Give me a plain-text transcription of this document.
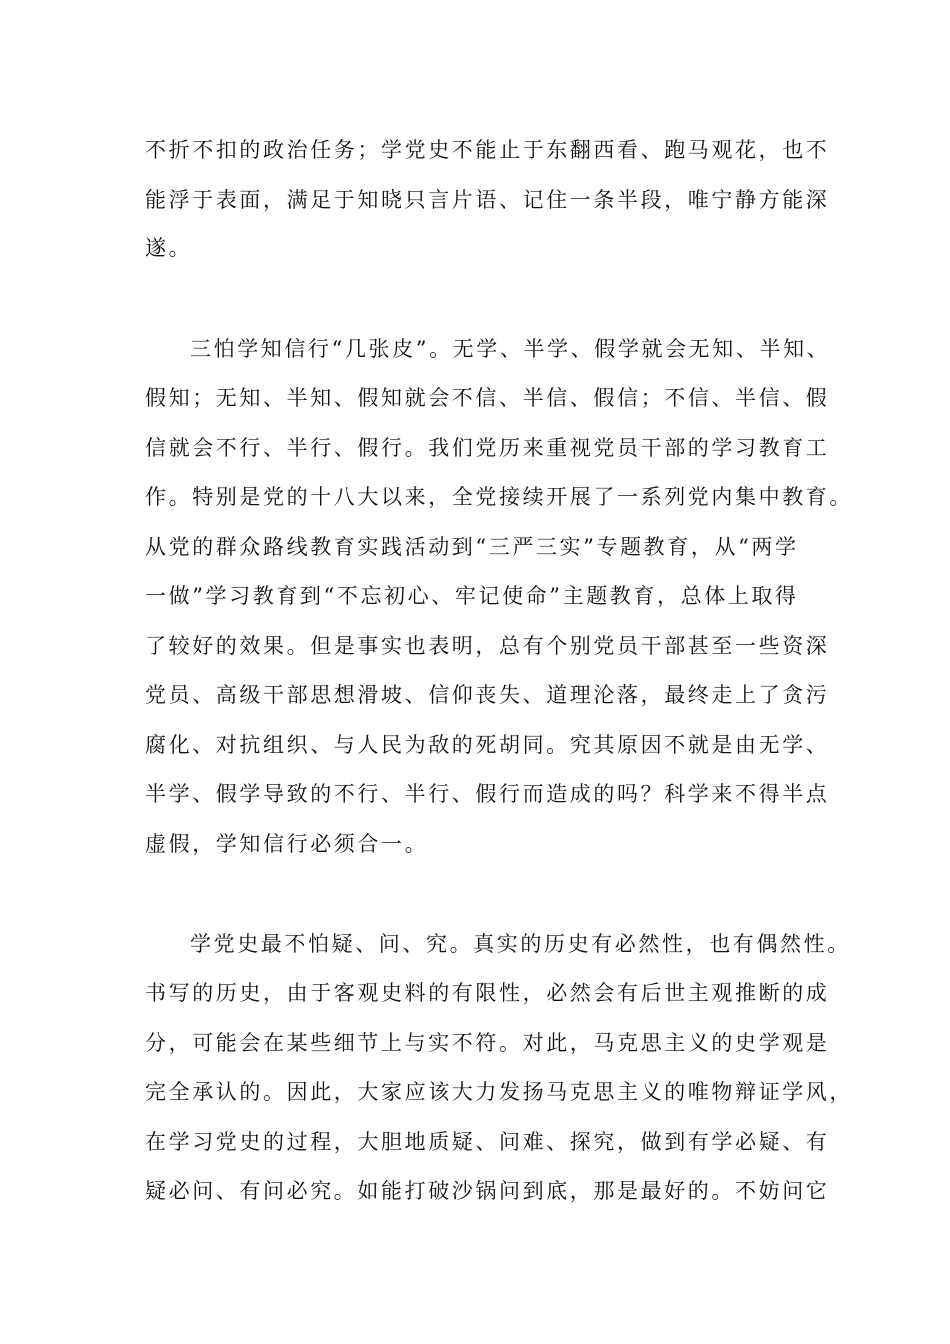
不折不扣的政治任务；学党史不能止于东翻西看、跑马观花，也不
能浮于表面，满足于知晓只言片语、记住一条半段，唯宁静方能深
遂。
三怕学知信行“几张皮”。无学、半学、假学就会无知、半知、
假知；无知、半知、假知就会不信、半信、假信；不信、半信、假
信就会不行、半行、假行。我们党历来重视党员干部的学习教育工
作。特别是党的十八大以来，全党接续开展了一系列党内集中教育。
从党的群众路线教育实践活动到“三严三实”专题教育，从“两学
一做”学习教育到“不忘初心、牢记使命”主题教育，总体上取得
了较好的效果。但是事实也表明，总有个别党员干部甚至一些资深
党员、高级干部思想滑坡、信仰丧失、道理沦落，最终走上了贪污
腐化、对抗组织、与人民为敌的死胡同。究其原因不就是由无学、
半学、假学导致的不行、半行、假行而造成的吗？科学来不得半点
虚假，学知信行必须合一。
学党史最不怕疑、问、究。真实的历史有必然性，也有偶然性。
书写的历史，由于客观史料的有限性，必然会有后世主观推断的成
分，可能会在某些细节上与实不符。对此，马克思主义的史学观是
完全承认的。因此，大家应该大力发扬马克思主义的唯物辩证学风，
在学习党史的过程，大胆地质疑、问难、探究，做到有学必疑、有
疑必问、有问必究。如能打破沙锅问到底，那是最好的。不妨问它
